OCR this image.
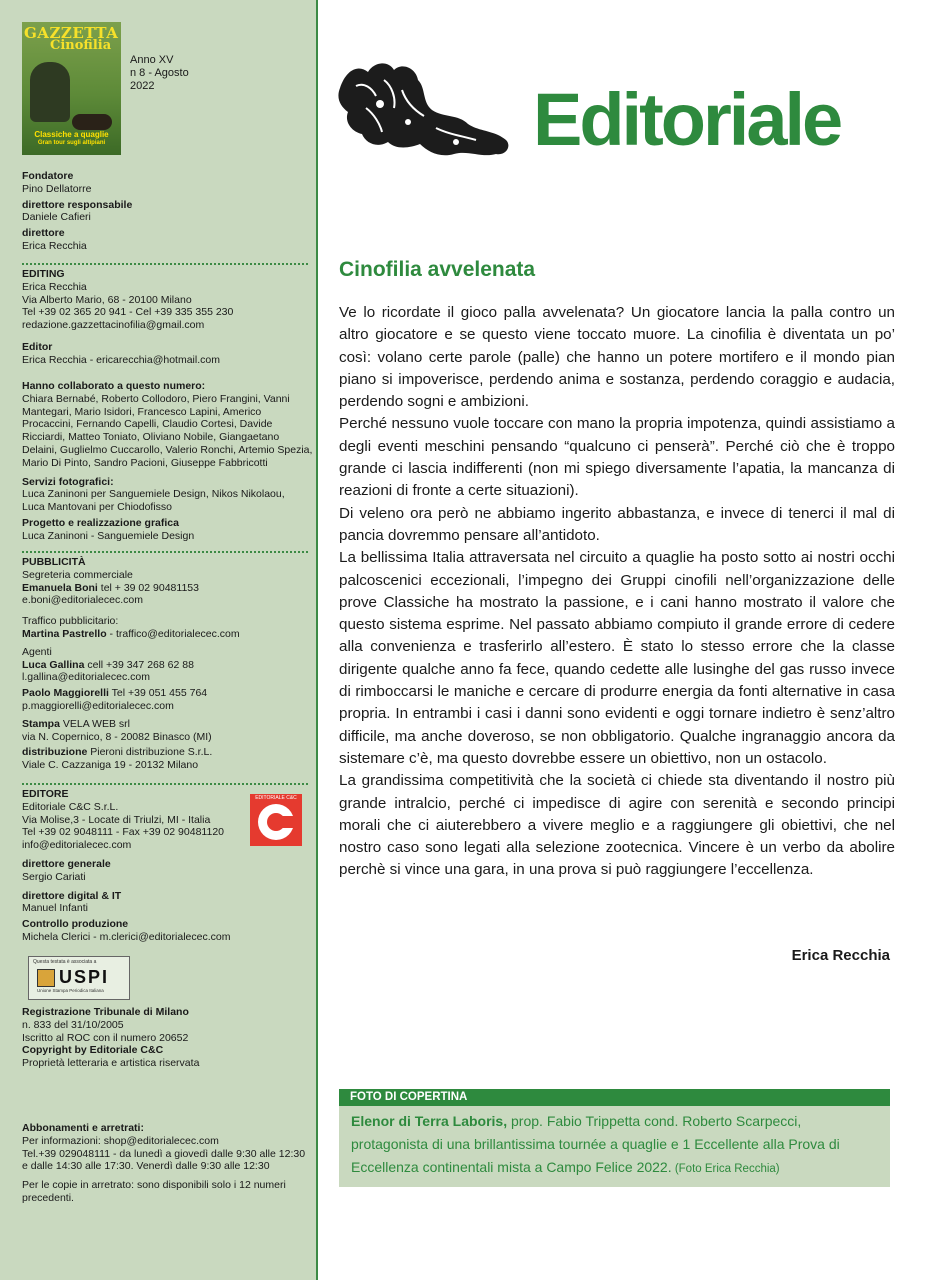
GAZZETTA
Cinofilia
Classiche a quaglie
Gran tour sugli altipiani
Anno XV
n 8 - Agosto
2022

Fondatore

Pino Dellatorre

direttore responsabile

Daniele Cafieri

direttore

Erica Recchia

EDITING

Erica Recchia

Via Alberto Mario, 68 - 20100 Milano

Tel +39 02 365 20 941 - Cel +39 335 355 230

redazione.gazzettacinofilia@gmail.com

Editor

Erica Recchia - ericarecchia@hotmail.com

Hanno collaborato a questo numero:

Chiara Bernabé, Roberto Collodoro, Piero Frangini, Vanni Mantegari, Mario Isidori, Francesco Lapini, Americo Procaccini, Fernando Capelli, Claudio Cortesi, Davide Ricciardi, Matteo Toniato, Oliviano Nobile, Giangaetano Delaini, Guglielmo Cuccarollo, Valerio Ronchi, Artemio Spezia, Mario Di Pinto, Sandro Pacioni, Giuseppe Fabbricotti

Servizi fotografici:

Luca Zaninoni per Sanguemiele Design, Nikos Nikolaou,

Luca Mantovani per Chiodofisso

Progetto e realizzazione grafica

Luca Zaninoni - Sanguemiele Design

PUBBLICITÀ

Segreteria commerciale

Emanuela Boni tel + 39 02 90481153

e.boni@editorialecec.com

Traffico pubblicitario:

Martina Pastrello - traffico@editorialecec.com

Agenti

Luca Gallina cell +39 347 268 62 88

l.gallina@editorialecec.com

Paolo Maggiorelli Tel +39 051 455 764

p.maggiorelli@editorialecec.com

Stampa VELA WEB srl

via N. Copernico, 8 - 20082 Binasco (MI)

distribuzione Pieroni distribuzione S.r.L.

Viale C. Cazzaniga 19 - 20132 Milano

EDITORE

Editoriale C&C S.r.L.

Via Molise,3 - Locate di Triulzi, MI - Italia

Tel +39 02 9048111 - Fax +39 02 90481120

info@editorialecec.com

direttore generale

Sergio Cariati

direttore digital & IT

Manuel Infanti

Controllo produzione

Michela Clerici - m.clerici@editorialecec.com

EDITORIALE C&C
Questa testata è associata a
USPI
Unione Stampa Periodica Italiana

Registrazione Tribunale di Milano

n. 833 del 31/10/2005

Iscritto al ROC con il numero 20652

Copyright by Editoriale C&C

Proprietà letteraria e artistica riservata

Abbonamenti e arretrati:

Per informazioni: shop@editorialecec.com

Tel.+39 029048111 - da lunedì a giovedì dalle 9:30 alle 12:30

e dalle 14:30 alle 17:30. Venerdì dalle 9:30 alle 12:30

Per le copie in arretrato: sono disponibili solo i 12 numeri precedenti.

Editoriale
Cinofilia avvelenata

Ve lo ricordate il gioco palla avvelenata? Un giocatore lancia la palla contro un altro giocatore e se questo viene toccato muore. La cinofilia è diventata un po’ così: volano certe parole (palle) che hanno un potere mortifero e il mondo pian piano si impoverisce, perdendo anima e sostanza, perdendo coraggio e audacia, perdendo sogni e ambizioni.

Perché nessuno vuole toccare con mano la propria impotenza, quindi assistiamo a degli eventi meschini pensando “qualcuno ci penserà”. Perché ciò che è troppo grande ci lascia indifferenti (non mi spiego diversamente l’apatia, la mancanza di reazioni di fronte a certe situazioni).

Di veleno ora però ne abbiamo ingerito abbastanza, e invece di tenerci il mal di pancia dovremmo pensare all’antidoto.

La bellissima Italia attraversata nel circuito a quaglie ha posto sotto ai nostri occhi palcoscenici eccezionali, l’impegno dei Gruppi cinofili nell’organizzazione delle prove Classiche ha mostrato la passione, e i cani hanno mostrato il valore che questo sistema esprime. Nel passato abbiamo compiuto il grande errore di cedere alla convenienza e trasferirlo all’estero. È stato lo stesso errore che la classe dirigente qualche anno fa fece, quando cedette alle lusinghe del gas russo invece di rimboccarsi le maniche e cercare di produrre energia da fonti alternative in casa propria. In entrambi i casi i danni sono evidenti e oggi tornare indietro è senz’altro difficile, ma anche doveroso, se non obbligatorio. Qualche ingranaggio ancora da sistemare c’è, ma questo dovrebbe essere un obiettivo, non un ostacolo.

La grandissima competitività che la società ci chiede sta diventando il nostro più grande intralcio, perché ci impedisce di agire con serenità e secondo principi morali che ci aiuterebbero a vivere meglio e a raggiungere gli obiettivi, che nel nostro caso sono legati alla selezione zootecnica. Vincere è un verbo da abolire perchè si vince una gara, in una prova si può raggiungere l’eccellenza.

Erica Recchia
FOTO DI COPERTINA
Elenor di Terra Laboris, prop. Fabio Trippetta cond. Roberto Scarpecci, protagonista di una brillantissima tournée a quaglie e 1 Eccellente alla Prova di Eccellenza continentali mista a Campo Felice 2022. (Foto Erica Recchia)
